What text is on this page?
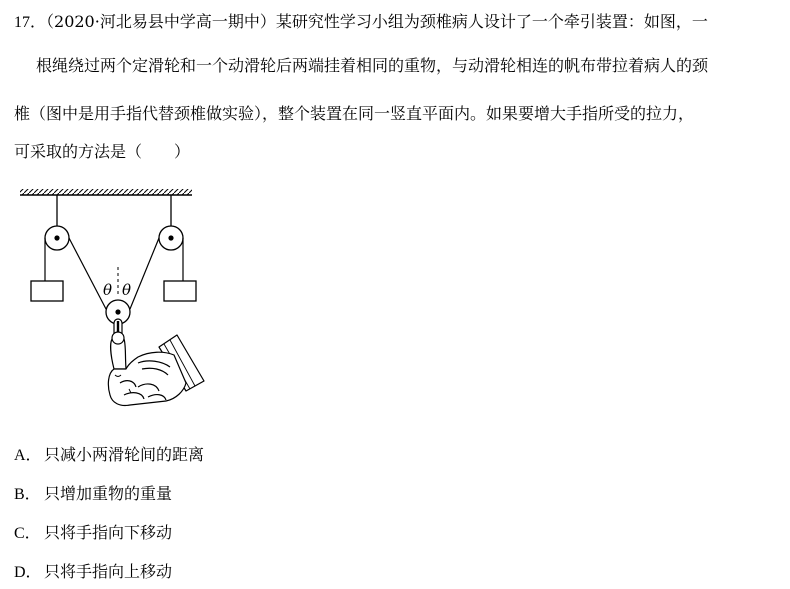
17．（2020·河北易县中学高一期中）某研究性学习小组为颈椎病人设计了一个牵引装置：如图，一
根绳绕过两个定滑轮和一个动滑轮后两端挂着相同的重物，与动滑轮相连的帆布带拉着病人的颈
椎（图中是用手指代替颈椎做实验），整个装置在同一竖直平面内。如果要增大手指所受的拉力，
可采取的方法是（　　）
θ θ
A． 只减小两滑轮间的距离
B． 只增加重物的重量
C． 只将手指向下移动
D． 只将手指向上移动
